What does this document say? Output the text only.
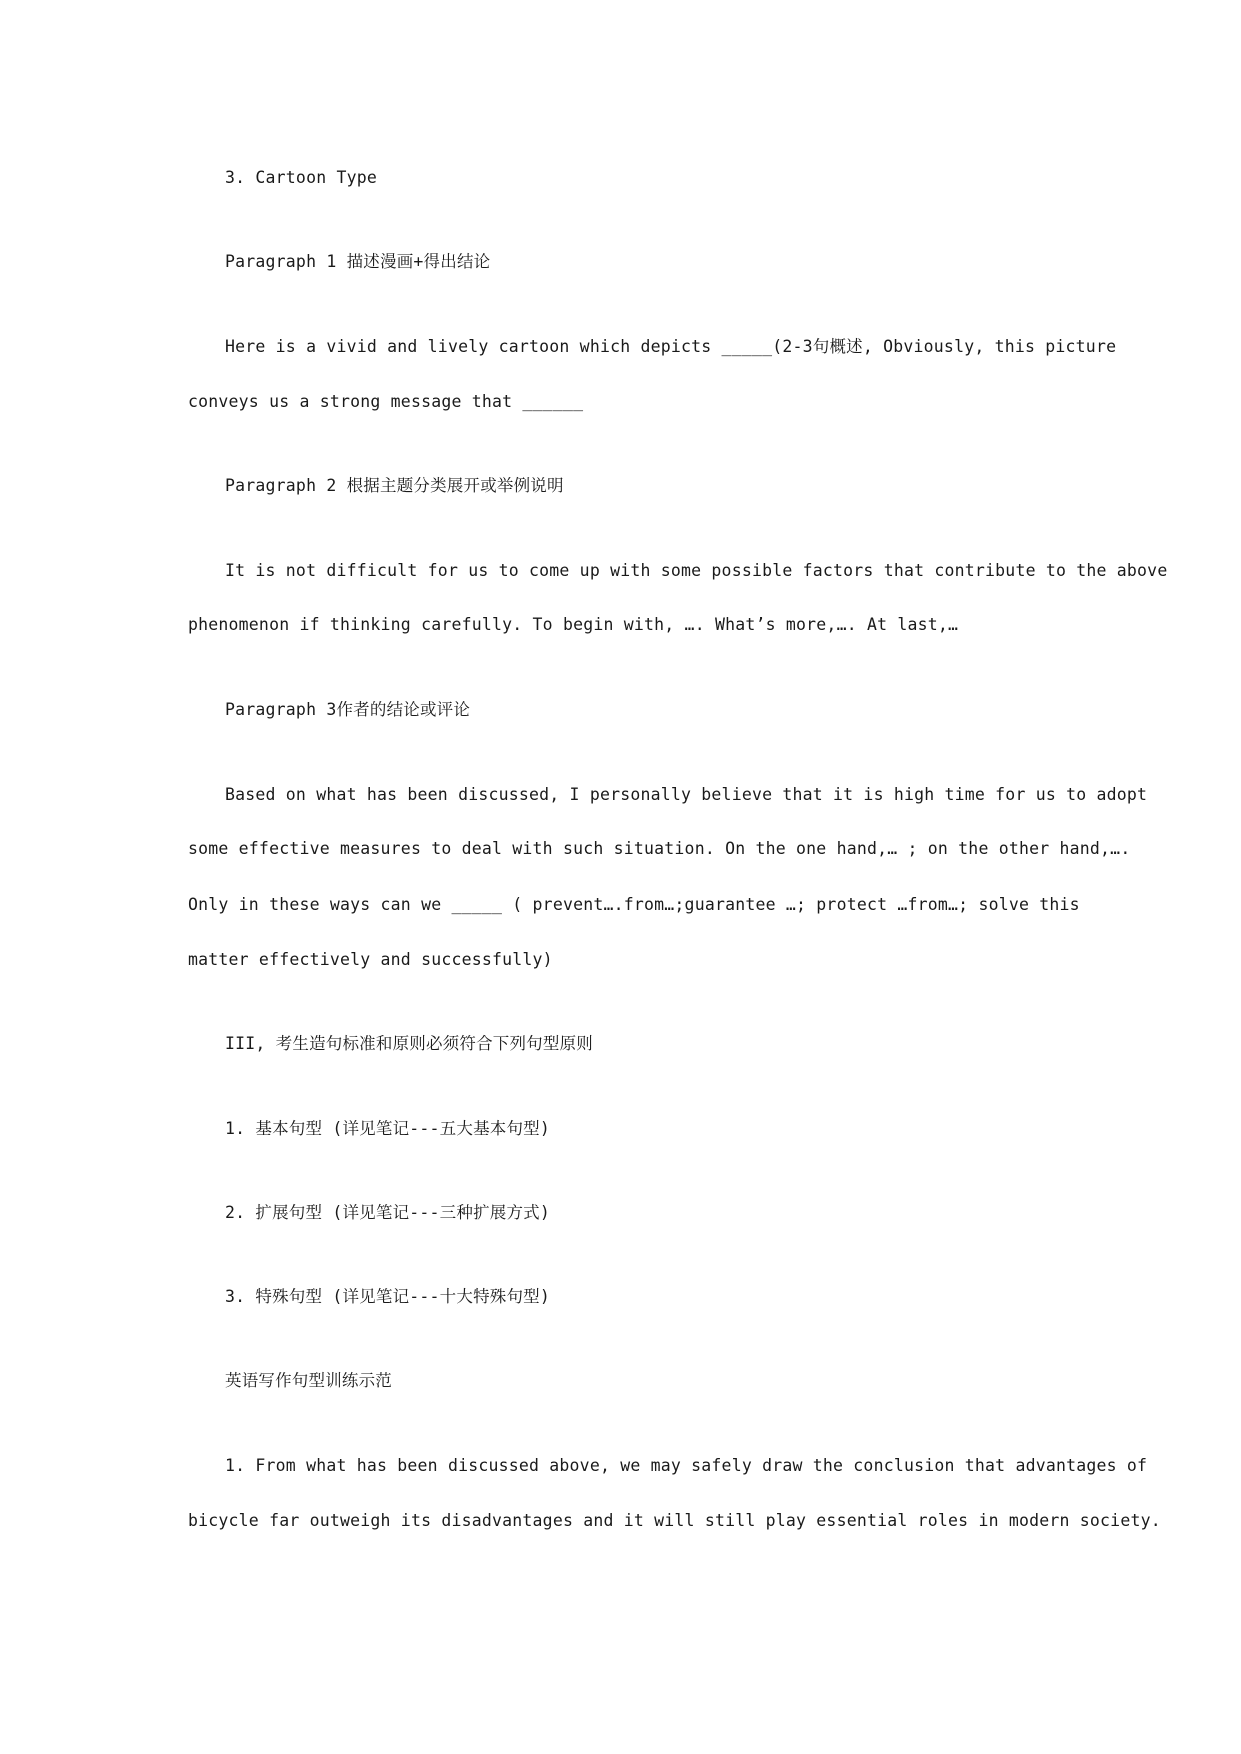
3. Cartoon Type
Paragraph 1 描述漫画+得出结论
Here is a vivid and lively cartoon which depicts _____(2-3句概述, Obviously, this picture
conveys us a strong message that ______
Paragraph 2 根据主题分类展开或举例说明
It is not difficult for us to come up with some possible factors that contribute to the above
phenomenon if thinking carefully. To begin with, …. What’s more,…. At last,…
Paragraph 3作者的结论或评论
Based on what has been discussed, I personally believe that it is high time for us to adopt
some effective measures to deal with such situation. On the one hand,… ; on the other hand,….
Only in these ways can we _____ ( prevent….from…;guarantee …; protect …from…; solve this
matter effectively and successfully)
III, 考生造句标准和原则必须符合下列句型原则
1. 基本句型 (详见笔记---五大基本句型)
2. 扩展句型 (详见笔记---三种扩展方式)
3. 特殊句型 (详见笔记---十大特殊句型)
英语写作句型训练示范
1. From what has been discussed above, we may safely draw the conclusion that advantages of
bicycle far outweigh its disadvantages and it will still play essential roles in modern society.
